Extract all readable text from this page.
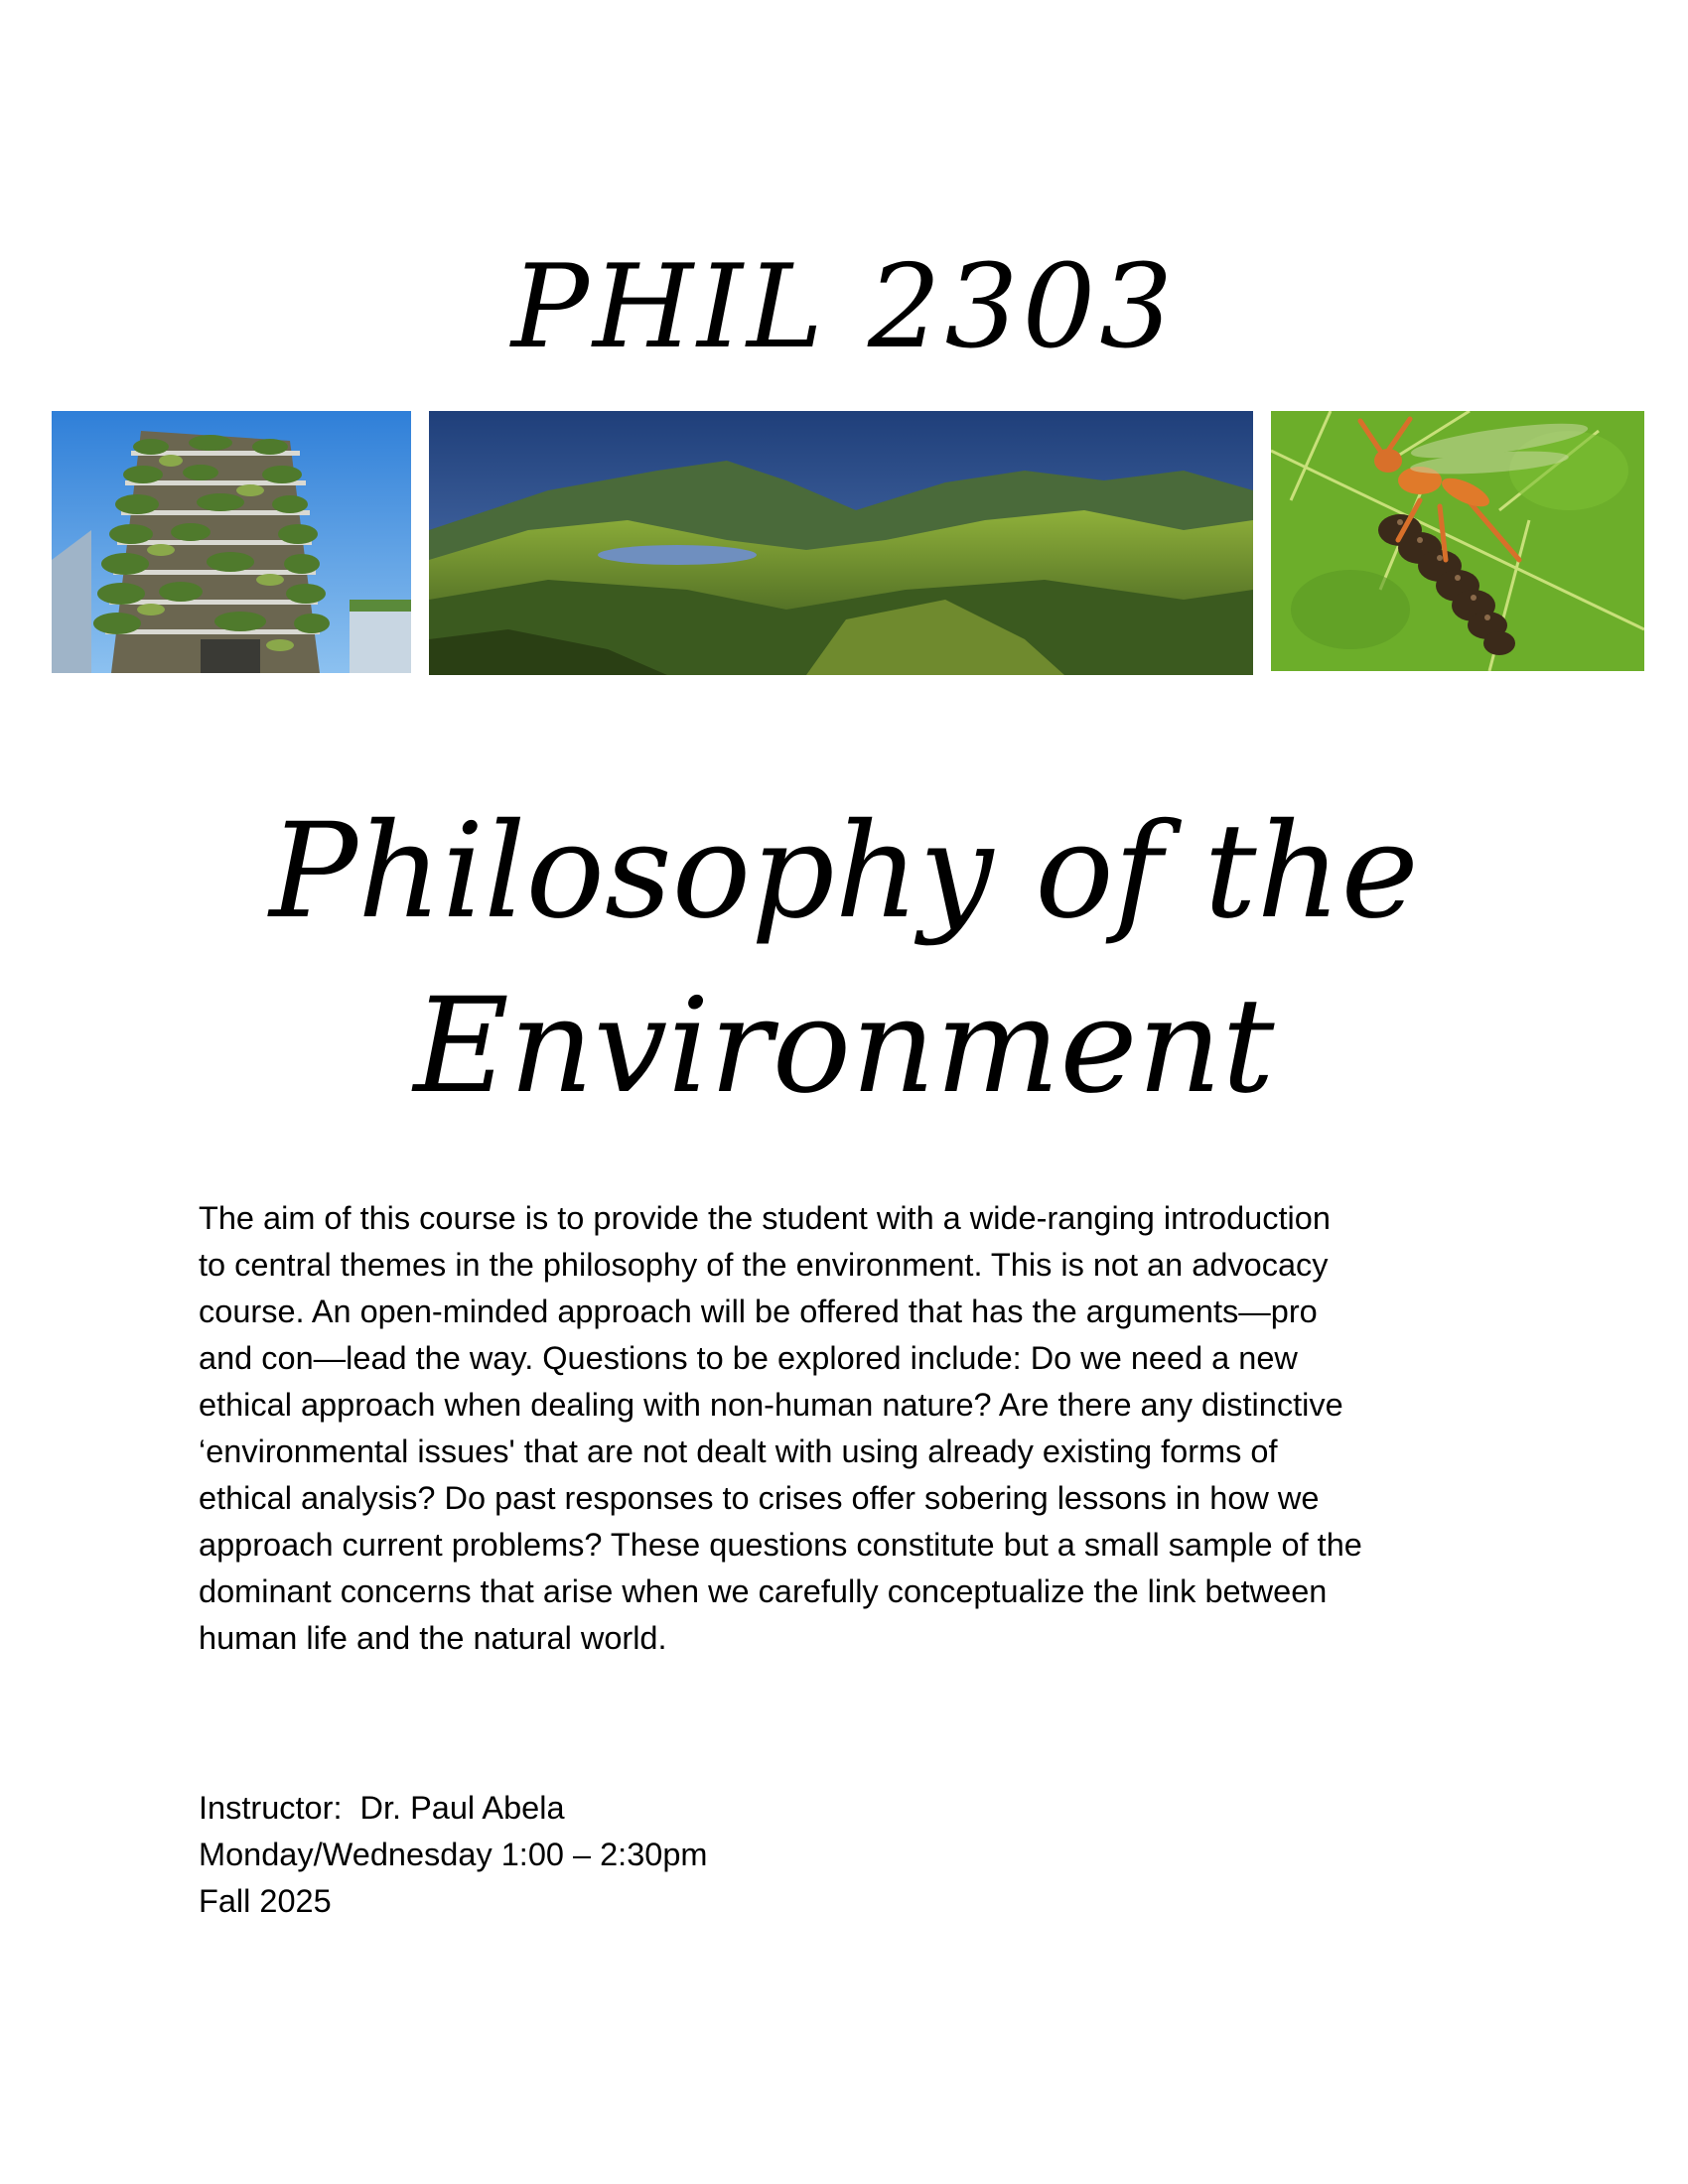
PHIL 2303
Philosophy of the
Environment

The aim of this course is to provide the student with a wide-ranging introduction
to central themes in the philosophy of the environment. This is not an advocacy
course. An open-minded approach will be offered that has the arguments—pro
and con—lead the way. Questions to be explored include: Do we need a new
ethical approach when dealing with non-human nature? Are there any distinctive
‘environmental issues' that are not dealt with using already existing forms of
ethical analysis? Do past responses to crises offer sobering lessons in how we
approach current problems? These questions constitute but a small sample of the
dominant concerns that arise when we carefully conceptualize the link between
human life and the natural world.

Instructor:  Dr. Paul Abela
Monday/Wednesday 1:00 – 2:30pm
Fall 2025
